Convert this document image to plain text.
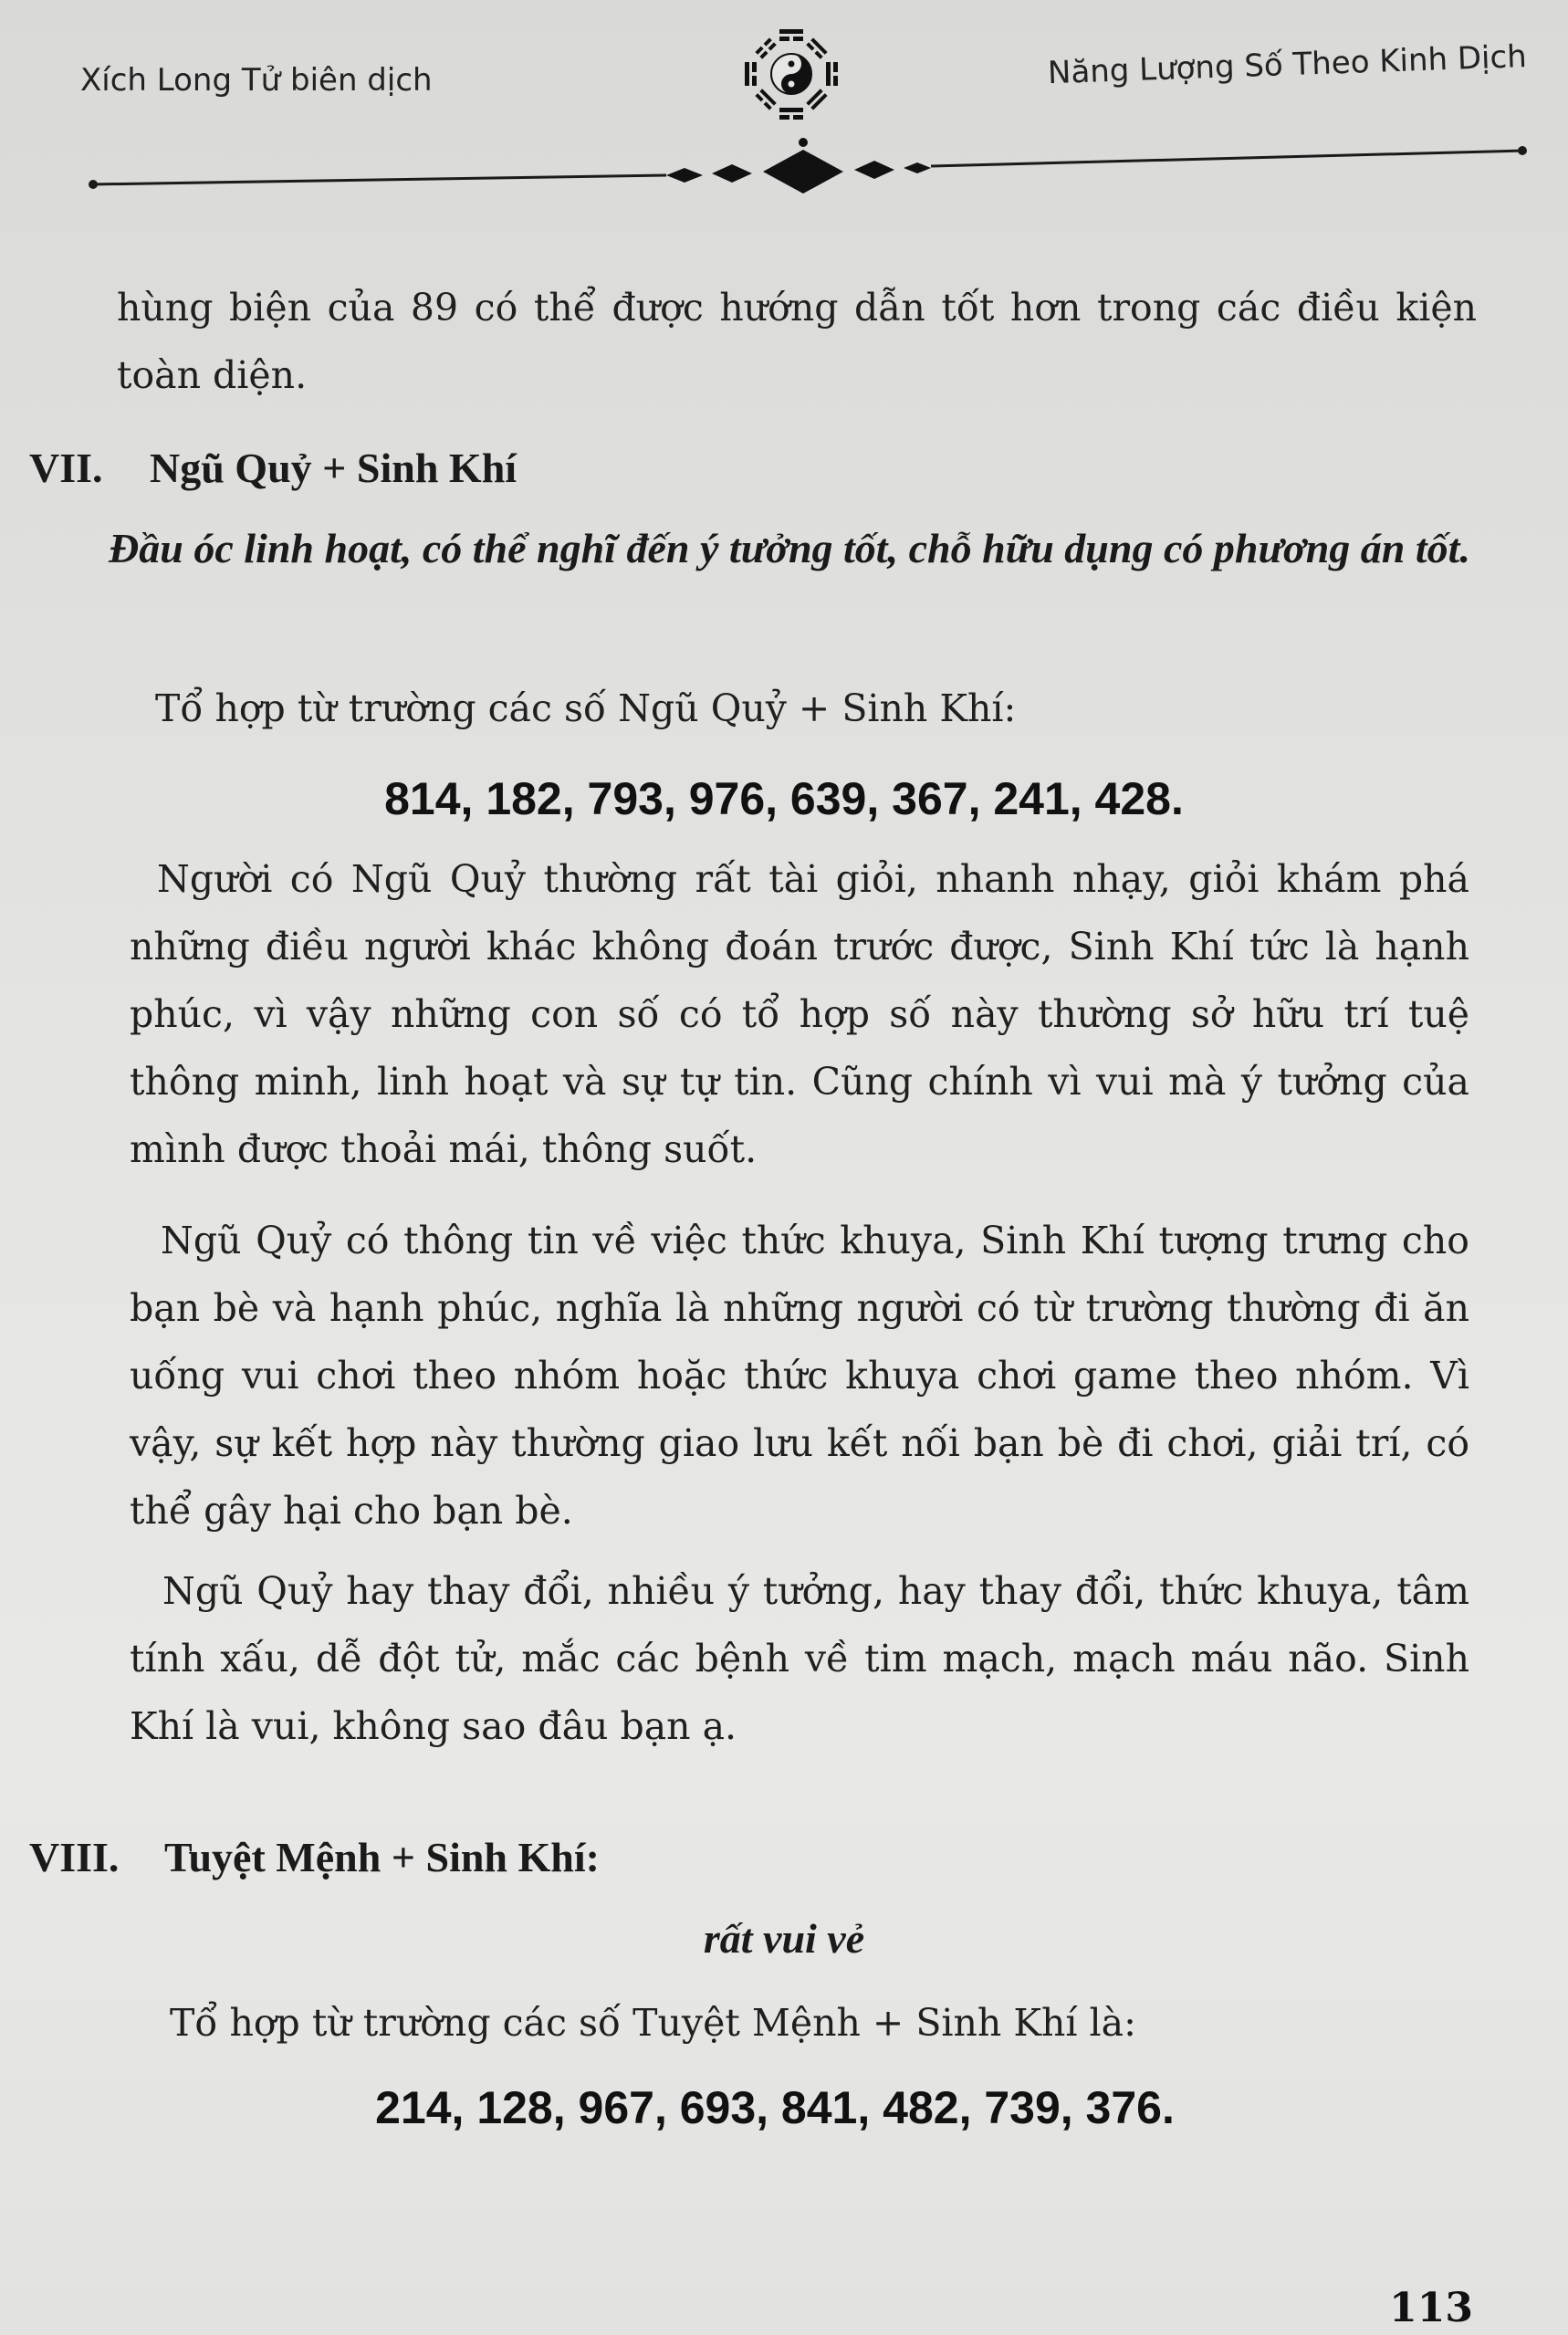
Xích Long Tử biên dịch	Năng Lượng Số Theo Kinh Dịch

hùng biện của 89 có thể được hướng dẫn tốt hơn trong các điều kiện toàn diện.

VII. Ngũ Quỷ + Sinh Khí

Đầu óc linh hoạt, có thể nghĩ đến ý tưởng tốt, chỗ hữu dụng có phương án tốt.

Tổ hợp từ trường các số Ngũ Quỷ + Sinh Khí:
814, 182, 793, 976, 639, 367, 241, 428.

Người có Ngũ Quỷ thường rất tài giỏi, nhanh nhạy, giỏi khám phá những điều người khác không đoán trước được, Sinh Khí tức là hạnh phúc, vì vậy những con số có tổ hợp số này thường sở hữu trí tuệ thông minh, linh hoạt và sự tự tin. Cũng chính vì vui mà ý tưởng của mình được thoải mái, thông suốt.

Ngũ Quỷ có thông tin về việc thức khuya, Sinh Khí tượng trưng cho bạn bè và hạnh phúc, nghĩa là những người có từ trường thường đi ăn uống vui chơi theo nhóm hoặc thức khuya chơi game theo nhóm. Vì vậy, sự kết hợp này thường giao lưu kết nối bạn bè đi chơi, giải trí, có thể gây hại cho bạn bè.

Ngũ Quỷ hay thay đổi, nhiều ý tưởng, hay thay đổi, thức khuya, tâm tính xấu, dễ đột tử, mắc các bệnh về tim mạch, mạch máu não. Sinh Khí là vui, không sao đâu bạn ạ.

VIII. Tuyệt Mệnh + Sinh Khí:
rất vui vẻ
Tổ hợp từ trường các số Tuyệt Mệnh + Sinh Khí là:
214, 128, 967, 693, 841, 482, 739, 376.
113
